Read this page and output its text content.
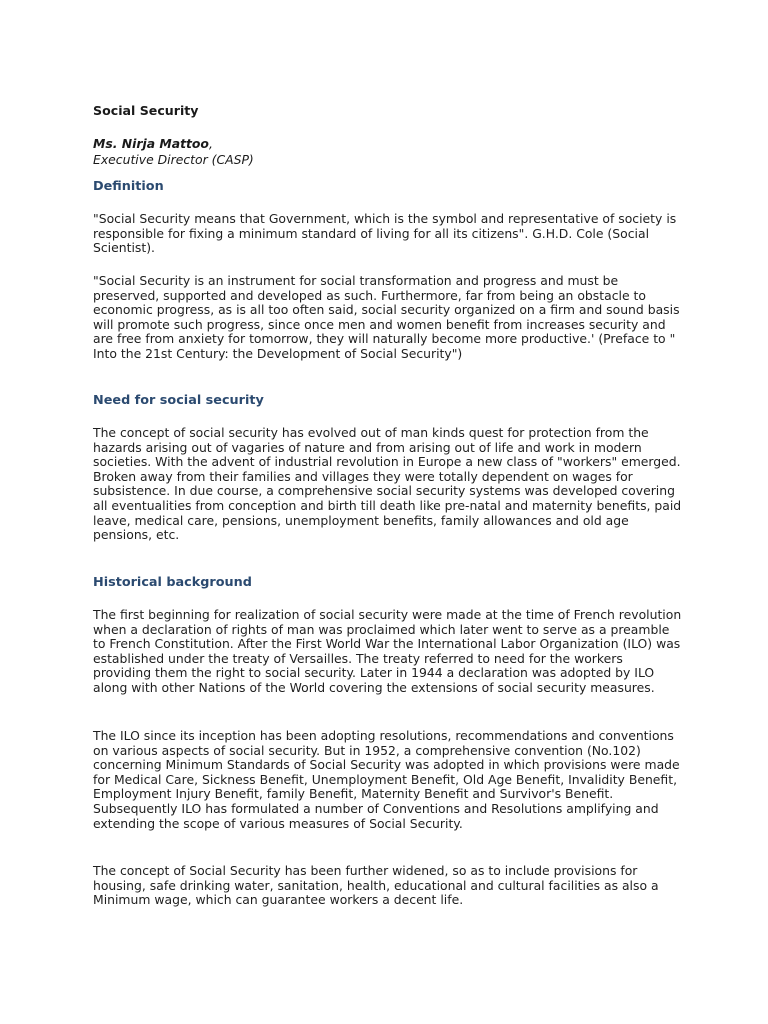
Social Security
Ms. Nirja Mattoo,
Executive Director (CASP)
Definition

"Social Security means that Government, which is the symbol and representative of society is responsible for fixing a minimum standard of living for all its citizens". G.H.D. Cole (Social Scientist).

"Social Security is an instrument for social transformation and progress and must be preserved, supported and developed as such. Furthermore, far from being an obstacle to economic progress, as is all too often said, social security organized on a firm and sound basis will promote such progress, since once men and women benefit from increases security and are free from anxiety for tomorrow, they will naturally become more productive.' (Preface to " Into the 21st Century: the Development of Social Security")

Need for social security

The concept of social security has evolved out of man kinds quest for protection from the hazards arising out of vagaries of nature and from arising out of life and work in modern societies. With the advent of industrial revolution in Europe a new class of "workers" emerged. Broken away from their families and villages they were totally dependent on wages for subsistence. In due course, a comprehensive social security systems was developed covering all eventualities from conception and birth till death like pre-natal and maternity benefits, paid leave, medical care, pensions, unemployment benefits, family allowances and old age pensions, etc.

Historical background

The first beginning for realization of social security were made at the time of French revolution when a declaration of rights of man was proclaimed which later went to serve as a preamble to French Constitution. After the First World War the International Labor Organization (ILO) was established under the treaty of Versailles. The treaty referred to need for the workers providing them the right to social security. Later in 1944 a declaration was adopted by ILO along with other Nations of the World covering the extensions of social security measures.

The ILO since its inception has been adopting resolutions, recommendations and conventions on various aspects of social security. But in 1952, a comprehensive convention (No.102) concerning Minimum Standards of Social Security was adopted in which provisions were made for Medical Care, Sickness Benefit, Unemployment Benefit, Old Age Benefit, Invalidity Benefit, Employment Injury Benefit, family Benefit, Maternity Benefit and Survivor's Benefit. Subsequently ILO has formulated a number of Conventions and Resolutions amplifying and extending the scope of various measures of Social Security.

The concept of Social Security has been further widened, so as to include provisions for housing, safe drinking water, sanitation, health, educational and cultural facilities as also a Minimum wage, which can guarantee workers a decent life.
